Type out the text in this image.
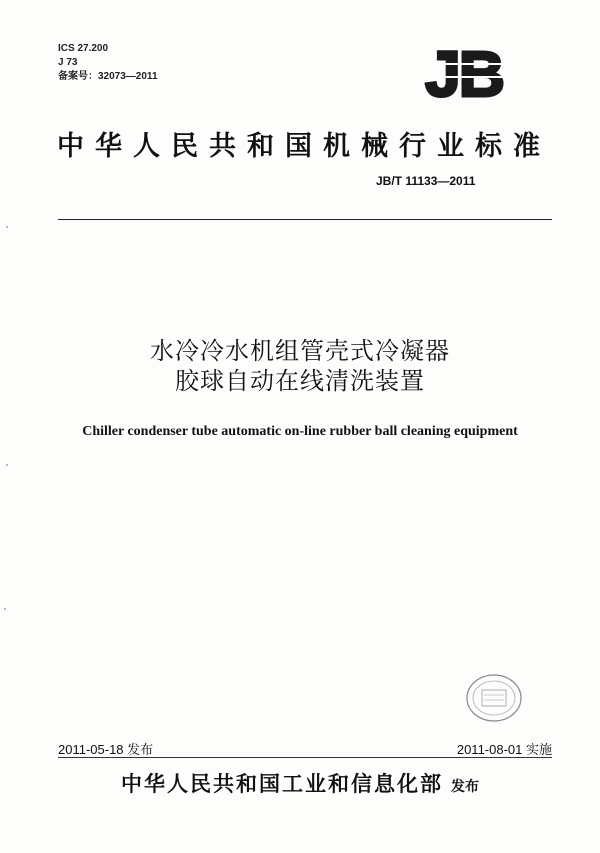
ICS 27.200
J 73
备案号：32073—2011	JB
中华人民共和国机械行业标准
JB/T 11133—2011
水冷冷水机组管壳式冷凝器
胶球自动在线清洗装置
Chiller condenser tube automatic on-line rubber ball cleaning equipment
2011-05-18 发布	2011-08-01 实施
中华人民共和国工业和信息化部 发布
